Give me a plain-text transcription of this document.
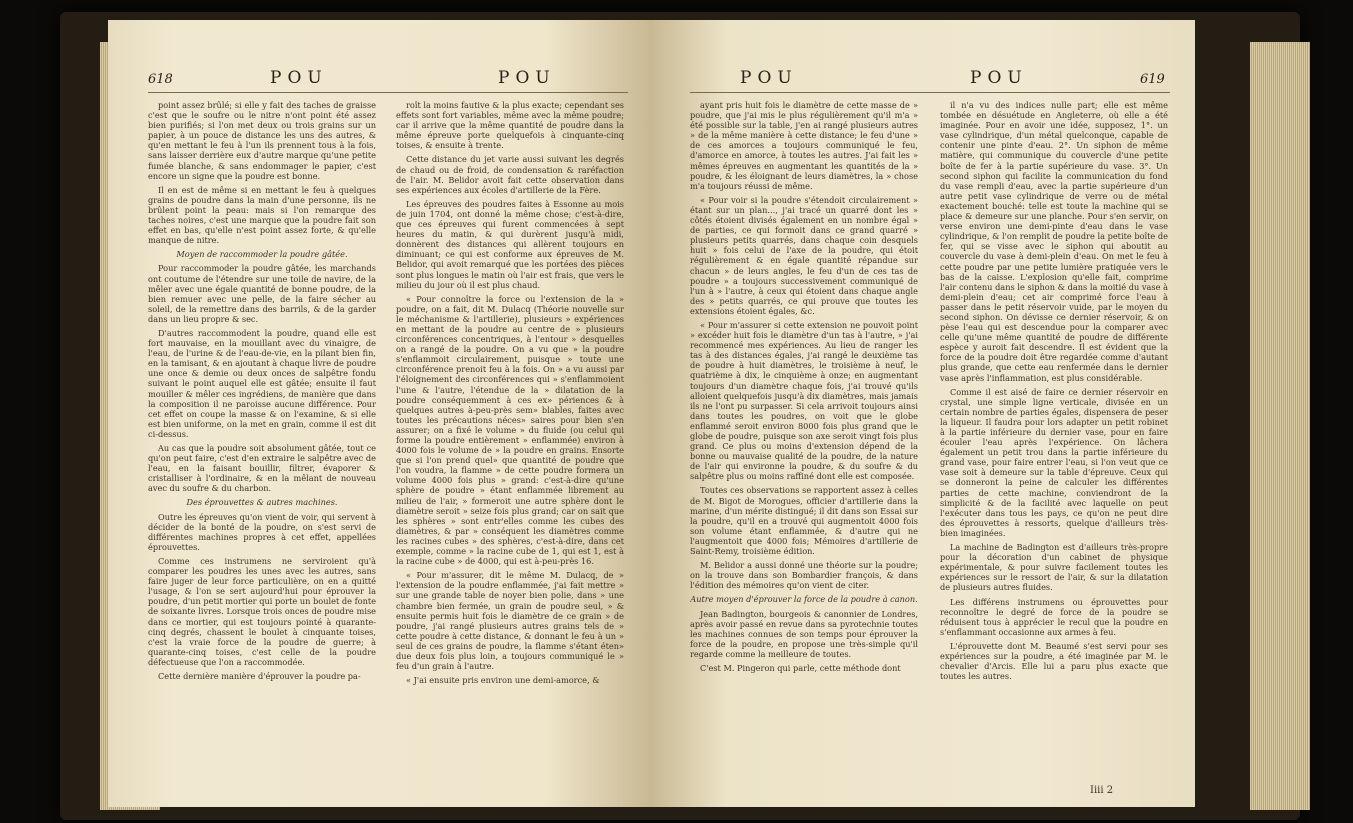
618	POU	POU

point assez brûlé; si elle y fait des taches de graisse c'est que le soufre ou le nitre n'ont point été assez bien purifiés; si l'on met deux ou trois grains sur un papier, à un pouce de distance les uns des autres, & qu'en mettant le feu à l'un ils prennent tous à la fois, sans laisser derrière eux d'autre marque qu'une petite fumée blanche, & sans endommager le papier, c'est encore un signe que la poudre est bonne.

Il en est de même si en mettant le feu à quelques grains de poudre dans la main d'une personne, ils ne brûlent point la peau: mais si l'on remarque des taches noires, c'est une marque que la poudre fait son effet en bas, qu'elle n'est point assez forte, & qu'elle manque de nitre.

Moyen de raccommoder la poudre gâtée.

Pour raccommoder la poudre gâtée, les marchands ont coutume de l'étendre sur une toile de navire, de la mêler avec une égale quantité de bonne poudre, de la bien remuer avec une pelle, de la faire sécher au soleil, de la remettre dans des barrils, & de la garder dans un lieu propre & sec.

D'autres raccommodent la poudre, quand elle est fort mauvaise, en la mouillant avec du vinaigre, de l'eau, de l'urine & de l'eau-de-vie, en la pilant bien fin, en la tamisant, & en ajoutant à chaque livre de poudre une once & demie ou deux onces de salpêtre fondu suivant le point auquel elle est gâtée; ensuite il faut mouiller & mêler ces ingrédiens, de manière que dans la composition il ne paroisse aucune différence. Pour cet effet on coupe la masse & on l'examine, & si elle est bien uniforme, on la met en grain, comme il est dit ci-dessus.

Au cas que la poudre soit absolument gâtée, tout ce qu'on peut faire, c'est d'en extraire le salpêtre avec de l'eau, en la faisant bouillir, filtrer, évaporer & cristalliser à l'ordinaire, & en la mêlant de nouveau avec du soufre & du charbon.

Des éprouvettes & autres machines.

Outre les épreuves qu'on vient de voir, qui servent à décider de la bonté de la poudre, on s'est servi de différentes machines propres à cet effet, appellées éprouvettes.

Comme ces instrumens ne serviroient qu'à comparer les poudres les unes avec les autres, sans faire juger de leur force particulière, on en a quitté l'usage, & l'on se sert aujourd'hui pour éprouver la poudre, d'un petit mortier qui porte un boulet de fonte de soixante livres. Lorsque trois onces de poudre mise dans ce mortier, qui est toujours pointé à quarante-cinq degrés, chassent le boulet à cinquante toises, c'est la vraie force de la poudre de guerre; à quarante-cinq toises, c'est celle de la poudre défectueuse que l'on a raccommodée.

Cette dernière manière d'éprouver la poudre pa-

roît la moins fautive & la plus exacte; cependant ses effets sont fort variables, même avec la même poudre; car il arrive que la même quantité de poudre dans la même épreuve porte quelquefois à cinquante-cinq toises, & ensuite à trente.

Cette distance du jet varie aussi suivant les degrés de chaud ou de froid, de condensation & raréfaction de l'air. M. Belidor avoit fait cette observation dans ses expériences aux écoles d'artillerie de la Fère.

Les épreuves des poudres faites à Essonne au mois de juin 1704, ont donné la même chose; c'est-à-dire, que ces épreuves qui furent commencées à sept heures du matin, & qui durèrent jusqu'à midi, donnèrent des distances qui allèrent toujours en diminuant; ce qui est conforme aux épreuves de M. Belidor, qui avoit remarqué que les portées des pièces sont plus longues le matin où l'air est frais, que vers le milieu du jour où il est plus chaud.

« Pour connoître la force ou l'extension de la » poudre, on a fait, dit M. Dulacq (Théorie nouvelle sur le méchanisme & l'artillerie), plusieurs » expériences en mettant de la poudre au centre de » plusieurs circonférences concentriques, à l'entour » desquelles on a rangé de la poudre. On a vu que » la poudre s'enflammoit circulairement, puisque » toute une circonférence prenoit feu à la fois. On » a vu aussi par l'éloignement des circonférences qui » s'enflammoient l'une & l'autre, l'étendue de la » dilatation de la poudre conséquemment à ces ex» périences & à quelques autres à-peu-près sem» blables, faites avec toutes les précautions néces» saires pour bien s'en assurer; on a fixé le volume » du fluide (ou celui qui forme la poudre entièrement » enflammée) environ à 4000 fois le volume de » la poudre en grains. Ensorte que si l'on prend quel» que quantité de poudre que l'on voudra, la flamme » de cette poudre formera un volume 4000 fois plus » grand: c'est-à-dire qu'une sphère de poudre » étant enflammée librement au milieu de l'air, » formeroit une autre sphère dont le diamètre seroit » seize fois plus grand; car on sait que les sphères » sont entr'elles comme les cubes des diamètres, & par » conséquent les diamètres comme les racines cubes » des sphères, c'est-à-dire, dans cet exemple, comme » la racine cube de 1, qui est 1, est à la racine cube » de 4000, qui est à-peu-près 16.

« Pour m'assurer, dit le même M. Dulacq, de » l'extension de la poudre enflammée, j'ai fait mettre » sur une grande table de noyer bien polie, dans » une chambre bien fermée, un grain de poudre seul, » & ensuite permis huit fois le diamètre de ce grain » de poudre, j'ai rangé plusieurs autres grains tels de » cette poudre à cette distance, & donnant le feu à un » seul de ces grains de poudre, la flamme s'étant éten» due deux fois plus loin, a toujours communiqué le » feu d'un grain à l'autre.

« J'ai ensuite pris environ une demi-amorce, &

POU	POU	619

ayant pris huit fois le diamètre de cette masse de » poudre, que j'ai mis le plus régulièrement qu'il m'a » été possible sur la table, j'en ai rangé plusieurs autres » de la même manière à cette distance; le feu d'une » de ces amorces a toujours communiqué le feu, d'amorce en amorce, à toutes les autres. J'ai fait les » mêmes épreuves en augmentant les quantités de la » poudre, & les éloignant de leurs diamètres, la » chose m'a toujours réussi de même.

« Pour voir si la poudre s'étendoit circulairement » étant sur un plan..., j'ai tracé un quarré dont les » côtés étoient divisés également en un nombre égal » de parties, ce qui formoit dans ce grand quarré » plusieurs petits quarrés, dans chaque coin desquels huit » fois celui de l'axe de la poudre, qui étoit régulièrement & en égale quantité répandue sur chacun » de leurs angles, le feu d'un de ces tas de poudre » a toujours successivement communiqué de l'un à » l'autre, à ceux qui étoient dans chaque angle des » petits quarrés, ce qui prouve que toutes les extensions étoient égales, &c.

« Pour m'assurer si cette extension ne pouvoit point » excéder huit fois le diamètre d'un tas à l'autre, » j'ai recommencé mes expériences. Au lieu de ranger les tas à des distances égales, j'ai rangé le deuxième tas de poudre à huit diamètres, le troisième à neuf, le quatrième à dix, le cinquième à onze; en augmentant toujours d'un diamètre chaque fois, j'ai trouvé qu'ils alloient quelquefois jusqu'à dix diamètres, mais jamais ils ne l'ont pu surpasser. Si cela arrivoit toujours ainsi dans toutes les poudres, on voit que le globe enflammé seroit environ 8000 fois plus grand que le globe de poudre, puisque son axe seroit vingt fois plus grand. Ce plus ou moins d'extension dépend de la bonne ou mauvaise qualité de la poudre, de la nature de l'air qui environne la poudre, & du soufre & du salpêtre plus ou moins raffiné dont elle est composée.

Toutes ces observations se rapportent assez à celles de M. Bigot de Morogues, officier d'artillerie dans la marine, d'un mérite distingué; il dit dans son Essai sur la poudre, qu'il en a trouvé qui augmentoit 4000 fois son volume étant enflammée, & d'autre qui ne l'augmentoit que 4000 fois; Mémoires d'artillerie de Saint-Remy, troisième édition.

M. Belidor a aussi donné une théorie sur la poudre; on la trouve dans son Bombardier françois, & dans l'édition des mémoires qu'on vient de citer.

Autre moyen d'éprouver la force de la poudre à canon.

Jean Badington, bourgeois & canonnier de Londres, après avoir passé en revue dans sa pyrotechnie toutes les machines connues de son temps pour éprouver la force de la poudre, en propose une très-simple qu'il regarde comme la meilleure de toutes.

C'est M. Pingeron qui parle, cette méthode dont

il n'a vu des indices nulle part; elle est même tombée en désuétude en Angleterre, où elle a été imaginée. Pour en avoir une idée, supposez, 1°. un vase cylindrique, d'un métal quelconque, capable de contenir une pinte d'eau. 2°. Un siphon de même matière, qui communique du couvercle d'une petite boîte de fer à la partie supérieure du vase. 3°. Un second siphon qui facilite la communication du fond du vase rempli d'eau, avec la partie supérieure d'un autre petit vase cylindrique de verre ou de métal exactement bouché: telle est toute la machine qui se place & demeure sur une planche. Pour s'en servir, on verse environ une demi-pinte d'eau dans le vase cylindrique, & l'on remplit de poudre la petite boîte de fer, qui se visse avec le siphon qui aboutit au couvercle du vase à demi-plein d'eau. On met le feu à cette poudre par une petite lumière pratiquée vers le bas de la caisse. L'explosion qu'elle fait, comprime l'air contenu dans le siphon & dans la moitié du vase à demi-plein d'eau; cet air comprimé force l'eau à passer dans le petit réservoir vuide, par le moyen du second siphon. On dévisse ce dernier réservoir, & on pèse l'eau qui est descendue pour la comparer avec celle qu'une même quantité de poudre de différente espèce y auroit fait descendre. Il est évident que la force de la poudre doit être regardée comme d'autant plus grande, que cette eau renfermée dans le dernier vase après l'inflammation, est plus considérable.

Comme il est aisé de faire ce dernier réservoir en crystal, une simple ligne verticale, divisée en un certain nombre de parties égales, dispensera de peser la liqueur. Il faudra pour lors adapter un petit robinet à la partie inférieure du dernier vase, pour en faire écouler l'eau après l'expérience. On lâchera également un petit trou dans la partie inférieure du grand vase, pour faire entrer l'eau, si l'on veut que ce vase soit à demeure sur la table d'épreuve. Ceux qui se donneront la peine de calculer les différentes parties de cette machine, conviendront de la simplicité & de la facilité avec laquelle on peut l'exécuter dans tous les pays, ce qu'on ne peut dire des éprouvettes à ressorts, quelque d'ailleurs très-bien imaginées.

La machine de Badington est d'ailleurs très-propre pour la décoration d'un cabinet de physique expérimentale, & pour suivre facilement toutes les expériences sur le ressort de l'air, & sur la dilatation de plusieurs autres fluides.

Les différens instrumens ou éprouvettes pour reconnoître le degré de force de la poudre se réduisent tous à apprécier le recul que la poudre en s'enflammant occasionne aux armes à feu.

L'éprouvette dont M. Beaumé s'est servi pour ses expériences sur la poudre, a été imaginée par M. le chevalier d'Arcis. Elle lui a paru plus exacte que toutes les autres.

Iiii 2
